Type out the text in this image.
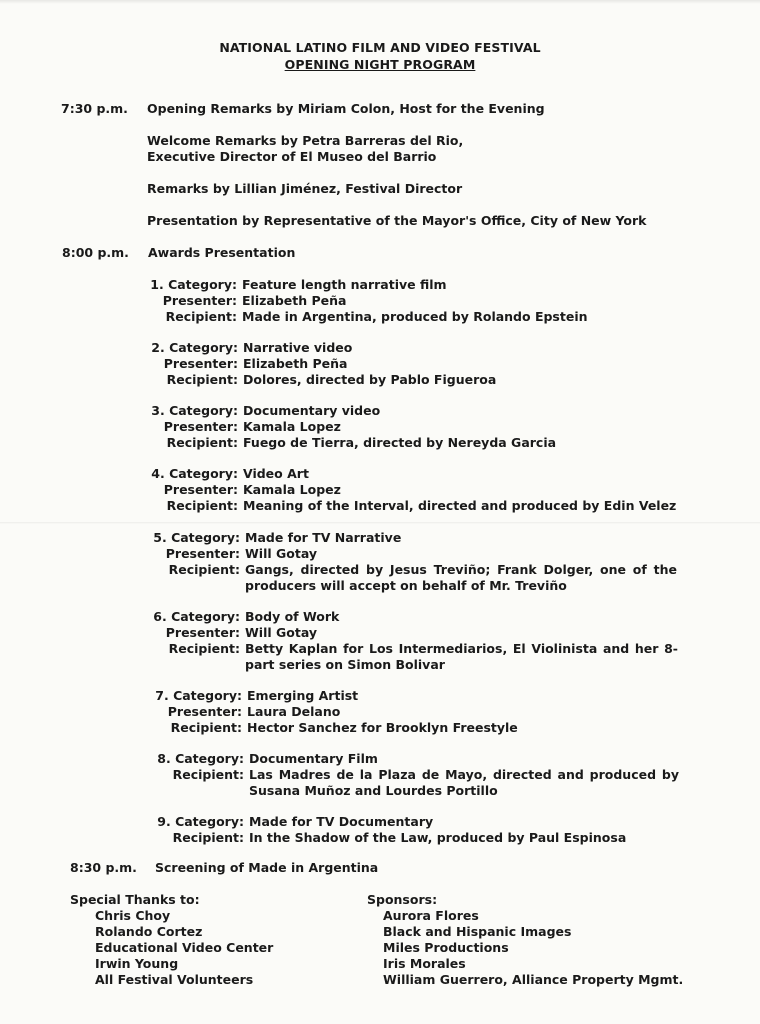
NATIONAL LATINO FILM AND VIDEO FESTIVAL
OPENING NIGHT PROGRAM
7:30 p.m. Opening Remarks by Miriam Colon, Host for the Evening
Welcome Remarks by Petra Barreras del Rio,
Executive Director of El Museo del Barrio
Remarks by Lillian Jiménez, Festival Director
Presentation by Representative of the Mayor's Office, City of New York
8:00 p.m. Awards Presentation
1. Category: Feature length narrative film
Presenter: Elizabeth Peña
Recipient: Made in Argentina, produced by Rolando Epstein
2. Category: Narrative video
Presenter: Elizabeth Peña
Recipient: Dolores, directed by Pablo Figueroa
3. Category: Documentary video
Presenter: Kamala Lopez
Recipient: Fuego de Tierra, directed by Nereyda Garcia
4. Category: Video Art
Presenter: Kamala Lopez
Recipient: Meaning of the Interval, directed and produced by Edin Velez
5. Category: Made for TV Narrative
Presenter: Will Gotay
Recipient: Gangs, directed by Jesus Treviño; Frank Dolger, one of the producers will accept on behalf of Mr. Treviño
6. Category: Body of Work
Presenter: Will Gotay
Recipient: Betty Kaplan for Los Intermediarios, El Violinista and her 8-part series on Simon Bolivar
7. Category: Emerging Artist
Presenter: Laura Delano
Recipient: Hector Sanchez for Brooklyn Freestyle
8. Category: Documentary Film
Recipient: Las Madres de la Plaza de Mayo, directed and produced by Susana Muñoz and Lourdes Portillo
9. Category: Made for TV Documentary
Recipient: In the Shadow of the Law, produced by Paul Espinosa
8:30 p.m. Screening of Made in Argentina
Special Thanks to:
Chris Choy
Rolando Cortez
Educational Video Center
Irwin Young
All Festival Volunteers
Sponsors:
Aurora Flores
Black and Hispanic Images
Miles Productions
Iris Morales
William Guerrero, Alliance Property Mgmt.
